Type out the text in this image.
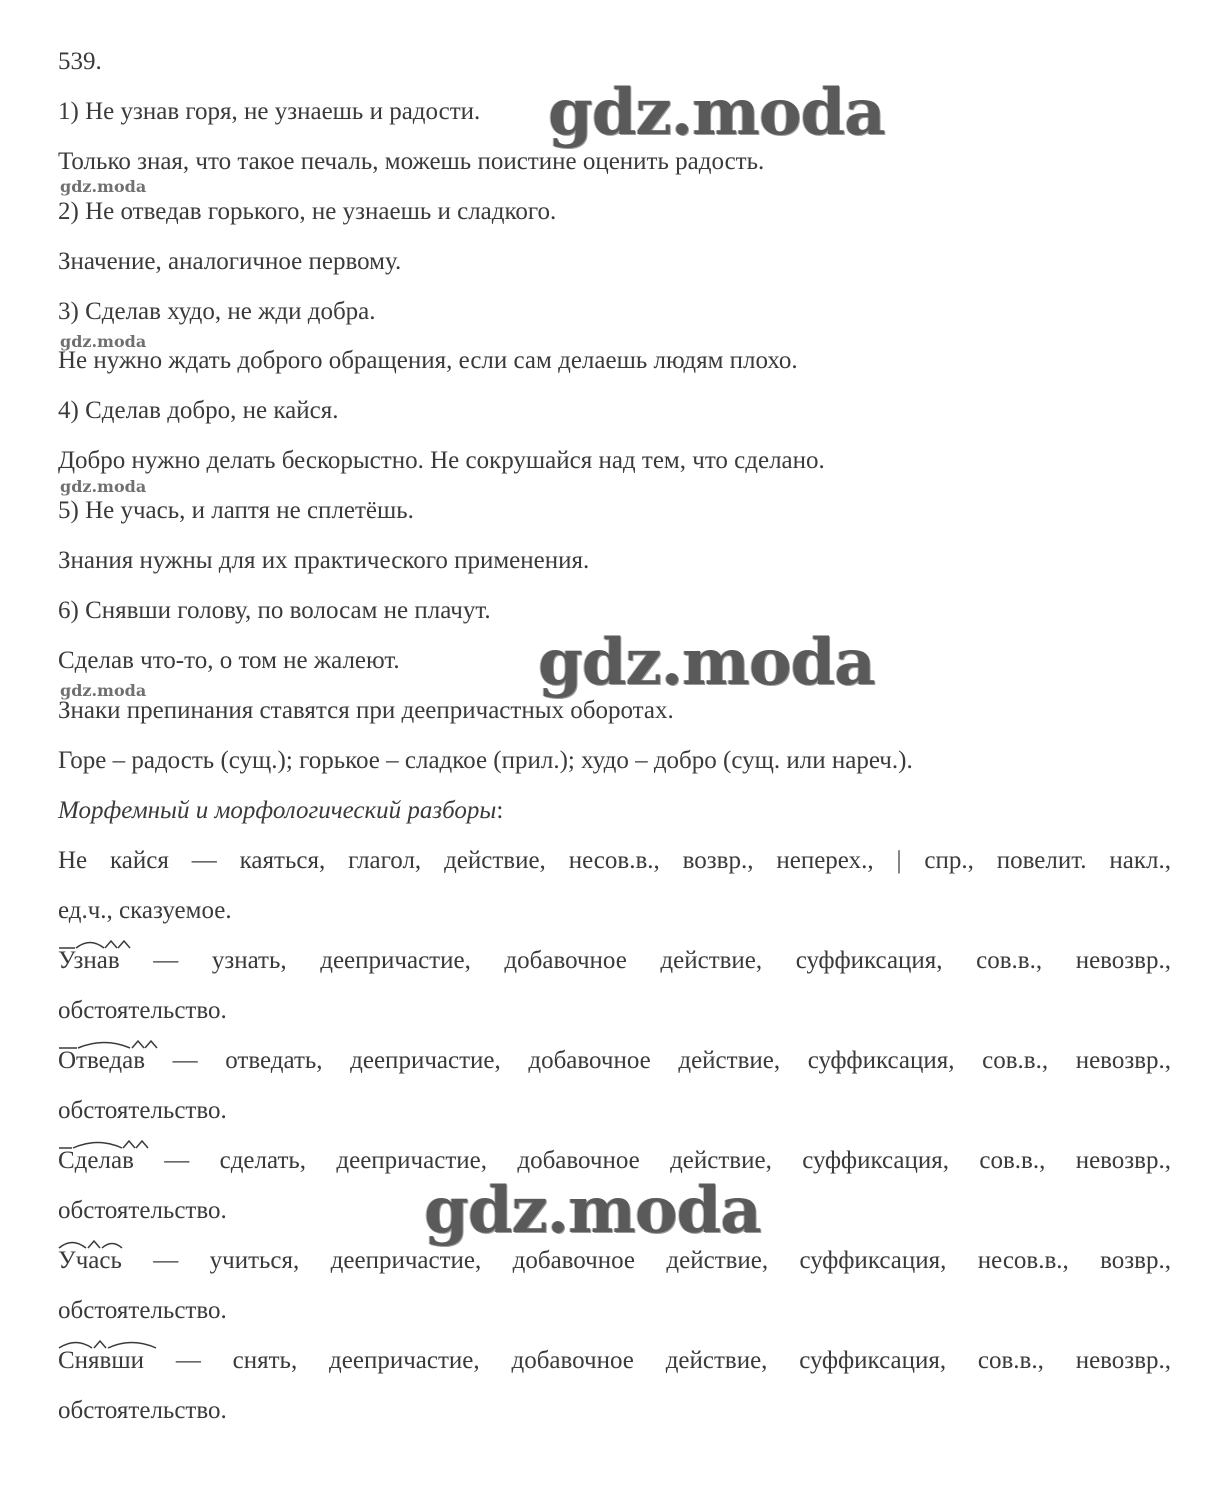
539.
1) Не узнав горя, не узнаешь и радости.
Только зная, что такое печаль, можешь поистине оценить радость.
2) Не отведав горького, не узнаешь и сладкого.
Значение, аналогичное первому.
3) Сделав худо, не жди добра.
Не нужно ждать доброго обращения, если сам делаешь людям плохо.
4) Сделав добро, не кайся.
Добро нужно делать бескорыстно. Не сокрушайся над тем, что сделано.
5) Не учась, и лаптя не сплетёшь.
Знания нужны для их практического применения.
6) Снявши голову, по волосам не плачут.
Сделав что-то, о том не жалеют.
Знаки препинания ставятся при деепричастных оборотах.
Горе – радость (сущ.); горькое – сладкое (прил.); худо – добро (сущ. или нареч.).
Морфемный и морфологический разборы:
Не кайся — каяться, глагол, действие, несов.в., возвр., неперех., | спр., повелит. накл.,
ед.ч., сказуемое.
Узнав — узнать, деепричастие, добавочное действие, суффиксация, сов.в., невозвр.,
обстоятельство.
Отведав — отведать, деепричастие, добавочное действие, суффиксация, сов.в., невозвр.,
обстоятельство.
Сделав — сделать, деепричастие, добавочное действие, суффиксация, сов.в., невозвр.,
обстоятельство.
Учась — учиться, деепричастие, добавочное действие, суффиксация, несов.в., возвр.,
обстоятельство.
Снявши — снять, деепричастие, добавочное действие, суффиксация, сов.в., невозвр.,
обстоятельство.
gdz.moda
gdz.moda
gdz.moda
gdz.moda
gdz.moda
gdz.moda
gdz.moda
